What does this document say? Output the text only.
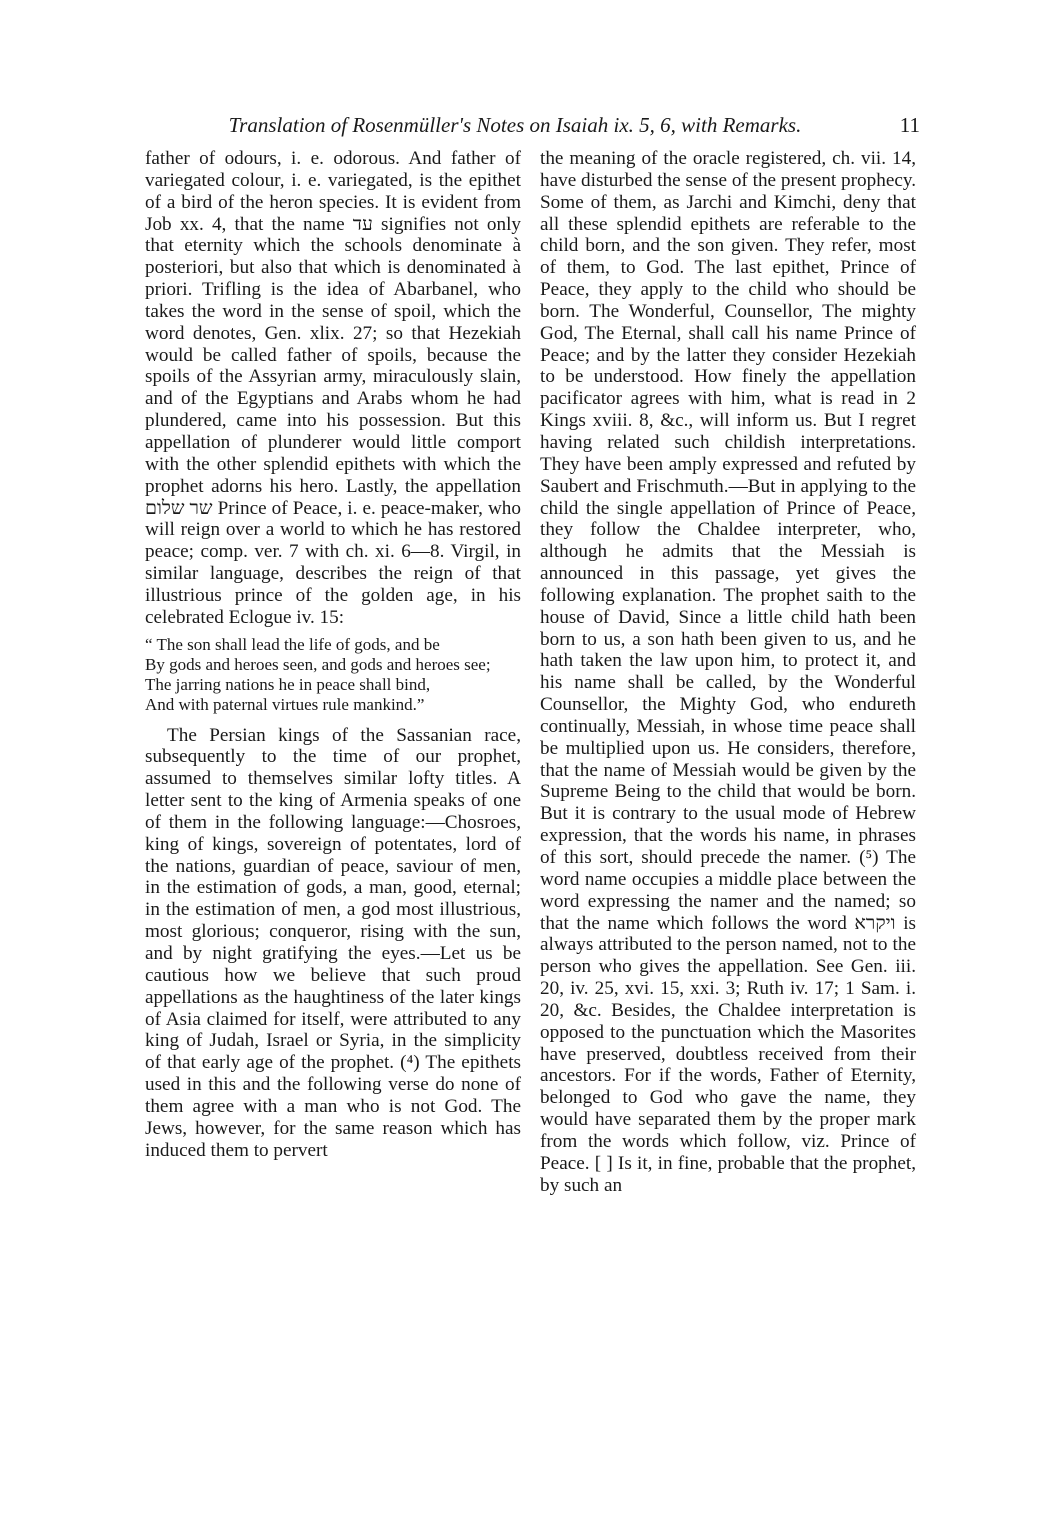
Translation of Rosenmüller's Notes on Isaiah ix. 5, 6, with Remarks.	11

father of odours, i. e. odorous. And father of variegated colour, i. e. variegated, is the epithet of a bird of the heron species. It is evident from Job xx. 4, that the name עד signifies not only that eternity which the schools denominate à posteriori, but also that which is denominated à priori. Trifling is the idea of Abarbanel, who takes the word in the sense of spoil, which the word denotes, Gen. xlix. 27; so that Hezekiah would be called father of spoils, because the spoils of the Assyrian army, miraculously slain, and of the Egyptians and Arabs whom he had plundered, came into his possession. But this appellation of plunderer would little comport with the other splendid epithets with which the prophet adorns his hero. Lastly, the appellation שר שלום Prince of Peace, i. e. peace-maker, who will reign over a world to which he has restored peace; comp. ver. 7 with ch. xi. 6—8. Virgil, in similar language, describes the reign of that illustrious prince of the golden age, in his celebrated Eclogue iv. 15:

“ The son shall lead the life of gods, and be
By gods and heroes seen, and gods and heroes see;
The jarring nations he in peace shall bind,
And with paternal virtues rule mankind.”

The Persian kings of the Sassanian race, subsequently to the time of our prophet, assumed to themselves similar lofty titles. A letter sent to the king of Armenia speaks of one of them in the following language:—Chosroes, king of kings, sovereign of potentates, lord of the nations, guardian of peace, saviour of men, in the estimation of gods, a man, good, eternal; in the estimation of men, a god most illustrious, most glorious; conqueror, rising with the sun, and by night gratifying the eyes.—Let us be cautious how we believe that such proud appellations as the haughtiness of the later kings of Asia claimed for itself, were attributed to any king of Judah, Israel or Syria, in the simplicity of that early age of the prophet. (⁴) The epithets used in this and the following verse do none of them agree with a man who is not God. The Jews, however, for the same reason which has induced them to pervert

the meaning of the oracle registered, ch. vii. 14, have disturbed the sense of the present prophecy. Some of them, as Jarchi and Kimchi, deny that all these splendid epithets are referable to the child born, and the son given. They refer, most of them, to God. The last epithet, Prince of Peace, they apply to the child who should be born. The Wonderful, Counsellor, The mighty God, The Eternal, shall call his name Prince of Peace; and by the latter they consider Hezekiah to be understood. How finely the appellation pacificator agrees with him, what is read in 2 Kings xviii. 8, &c., will inform us. But I regret having related such childish interpretations. They have been amply expressed and refuted by Saubert and Frischmuth.—But in applying to the child the single appellation of Prince of Peace, they follow the Chaldee interpreter, who, although he admits that the Messiah is announced in this passage, yet gives the following explanation. The prophet saith to the house of David, Since a little child hath been born to us, a son hath been given to us, and he hath taken the law upon him, to protect it, and his name shall be called, by the Wonderful Counsellor, the Mighty God, who endureth continually, Messiah, in whose time peace shall be multiplied upon us. He considers, therefore, that the name of Messiah would be given by the Supreme Being to the child that would be born. But it is contrary to the usual mode of Hebrew expression, that the words his name, in phrases of this sort, should precede the namer. (⁵) The word name occupies a middle place between the word expressing the namer and the named; so that the name which follows the word ויקרא is always attributed to the person named, not to the person who gives the appellation. See Gen. iii. 20, iv. 25, xvi. 15, xxi. 3; Ruth iv. 17; 1 Sam. i. 20, &c. Besides, the Chaldee interpretation is opposed to the punctuation which the Masorites have preserved, doubtless received from their ancestors. For if the words, Father of Eternity, belonged to God who gave the name, they would have separated them by the proper mark from the words which follow, viz. Prince of Peace. [ ] Is it, in fine, probable that the prophet, by such an
